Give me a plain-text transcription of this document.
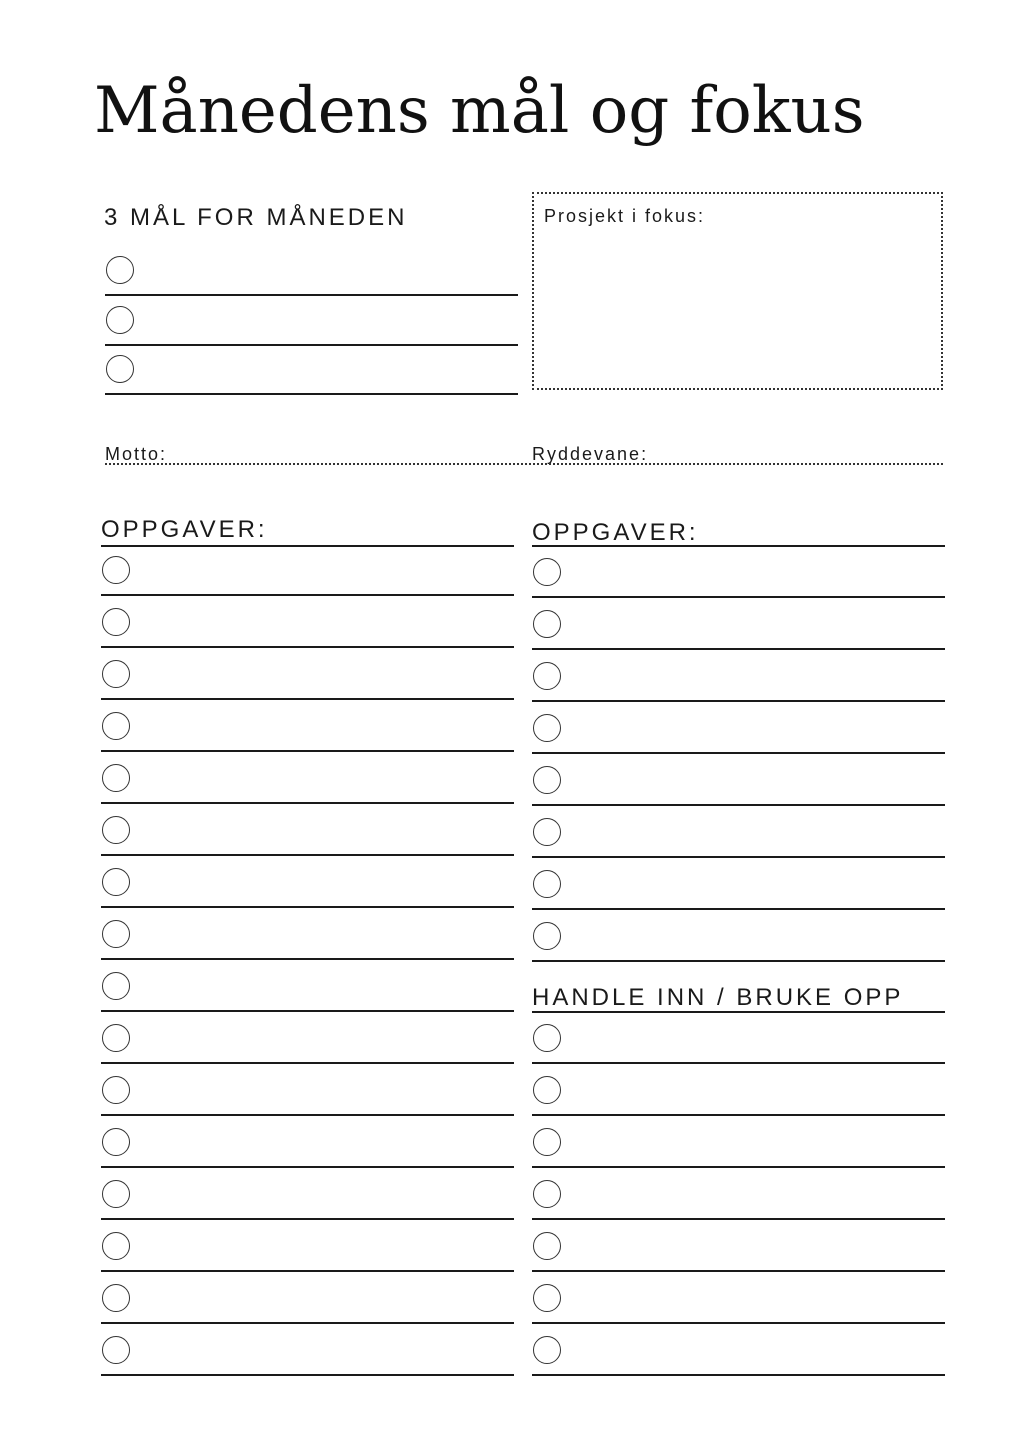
Månedens mål og fokus
3 MÅL FOR MÅNEDEN	Prosjekt i fokus:
Motto:	Ryddevane:
OPPGAVER:	OPPGAVER:
HANDLE INN / BRUKE OPP
